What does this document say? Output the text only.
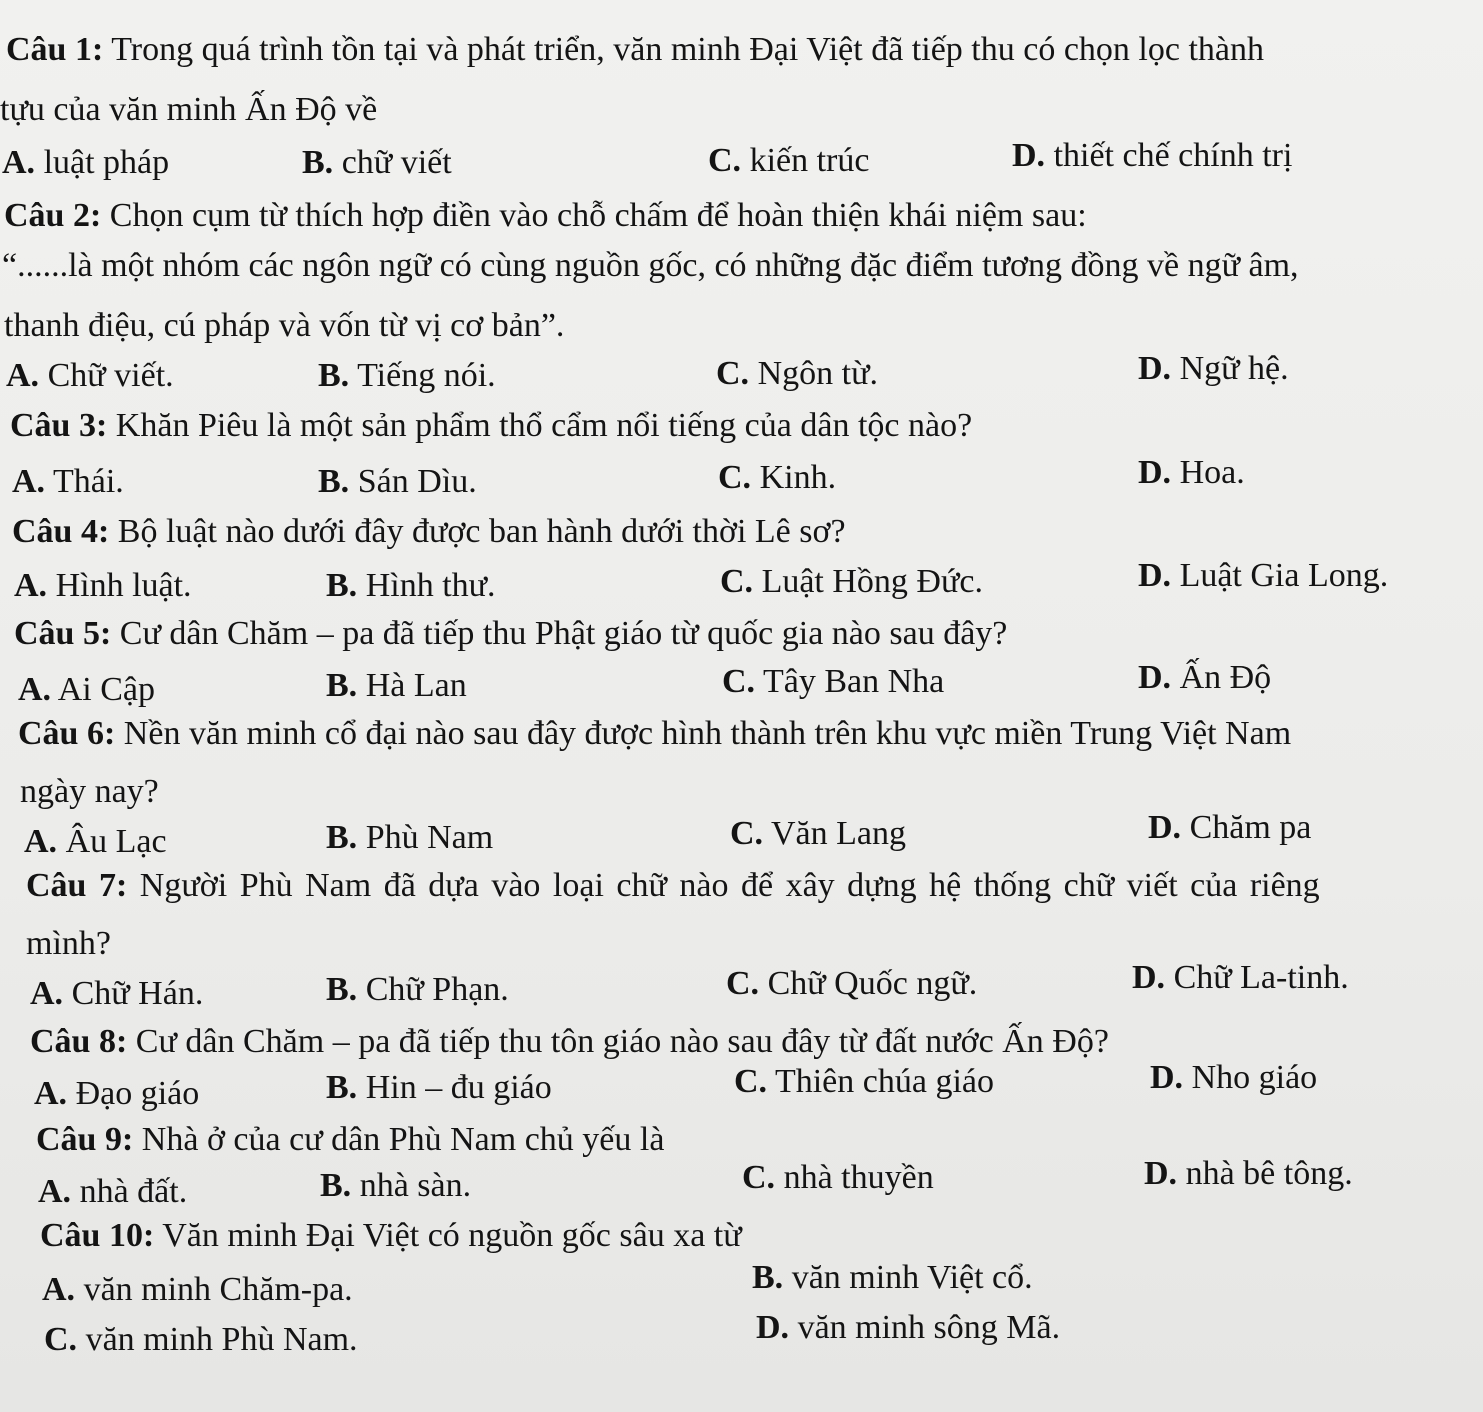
Câu 1: Trong quá trình tồn tại và phát triển, văn minh Đại Việt đã tiếp thu có chọn lọc thành
tựu của văn minh Ấn Độ về
A. luật pháp	B. chữ viết	C. kiến trúc	D. thiết chế chính trị
Câu 2: Chọn cụm từ thích hợp điền vào chỗ chấm để hoàn thiện khái niệm sau:
“......là một nhóm các ngôn ngữ có cùng nguồn gốc, có những đặc điểm tương đồng về ngữ âm,
thanh điệu, cú pháp và vốn từ vị cơ bản”.
A. Chữ viết.	B. Tiếng nói.	C. Ngôn từ.	D. Ngữ hệ.
Câu 3: Khăn Piêu là một sản phẩm thổ cẩm nổi tiếng của dân tộc nào?
A. Thái.	B. Sán Dìu.	C. Kinh.	D. Hoa.
Câu 4: Bộ luật nào dưới đây được ban hành dưới thời Lê sơ?
A. Hình luật.	B. Hình thư.	C. Luật Hồng Đức.	D. Luật Gia Long.
Câu 5: Cư dân Chăm – pa đã tiếp thu Phật giáo từ quốc gia nào sau đây?
A. Ai Cập	B. Hà Lan	C. Tây Ban Nha	D. Ấn Độ
Câu 6: Nền văn minh cổ đại nào sau đây được hình thành trên khu vực miền Trung Việt Nam
ngày nay?
A. Âu Lạc	B. Phù Nam	C. Văn Lang	D. Chăm pa
Câu 7: Người Phù Nam đã dựa vào loại chữ nào để xây dựng hệ thống chữ viết của riêng
mình?
A. Chữ Hán.	B. Chữ Phạn.	C. Chữ Quốc ngữ.	D. Chữ La-tinh.
Câu 8: Cư dân Chăm – pa đã tiếp thu tôn giáo nào sau đây từ đất nước Ấn Độ?
A. Đạo giáo	B. Hin – đu giáo	C. Thiên chúa giáo	D. Nho giáo
Câu 9: Nhà ở của cư dân Phù Nam chủ yếu là
A. nhà đất.	B. nhà sàn.	C. nhà thuyền	D. nhà bê tông.
Câu 10: Văn minh Đại Việt có nguồn gốc sâu xa từ
A. văn minh Chăm-pa.	B. văn minh Việt cổ.
C. văn minh Phù Nam.	D. văn minh sông Mã.
